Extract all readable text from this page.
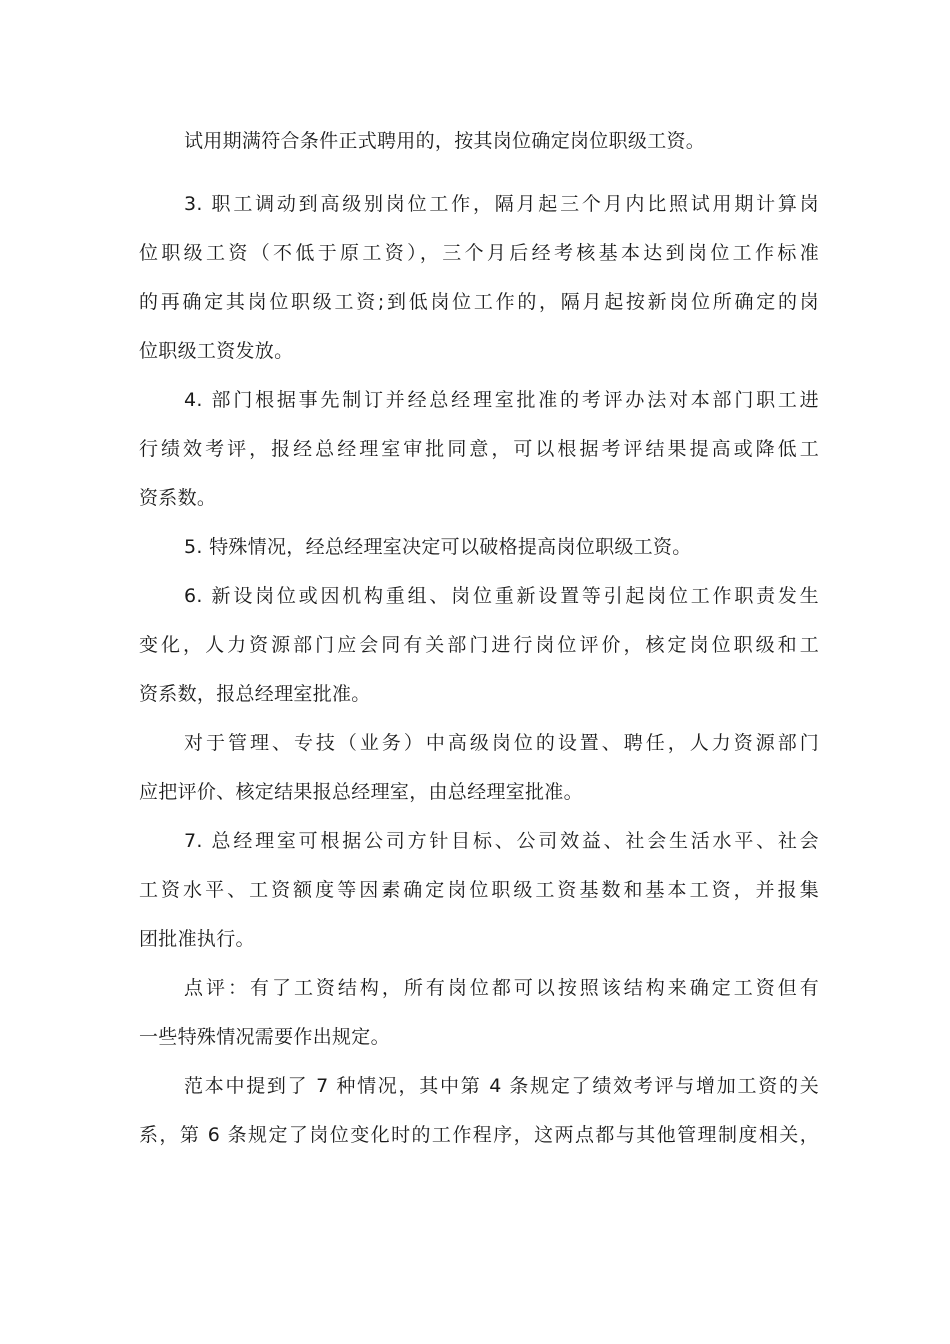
试用期满符合条件正式聘用的，按其岗位确定岗位职级工资。
3. 职工调动到高级别岗位工作，隔月起三个月内比照试用期计算岗
位职级工资（不低于原工资），三个月后经考核基本达到岗位工作标准
的再确定其岗位职级工资;到低岗位工作的，隔月起按新岗位所确定的岗
位职级工资发放。
4. 部门根据事先制订并经总经理室批准的考评办法对本部门职工进
行绩效考评，报经总经理室审批同意，可以根据考评结果提高或降低工
资系数。
5. 特殊情况，经总经理室决定可以破格提高岗位职级工资。
6. 新设岗位或因机构重组、岗位重新设置等引起岗位工作职责发生
变化，人力资源部门应会同有关部门进行岗位评价，核定岗位职级和工
资系数，报总经理室批准。
对于管理、专技（业务）中高级岗位的设置、聘任，人力资源部门
应把评价、核定结果报总经理室，由总经理室批准。
7. 总经理室可根据公司方针目标、公司效益、社会生活水平、社会
工资水平、工资额度等因素确定岗位职级工资基数和基本工资，并报集
团批准执行。
点评：有了工资结构，所有岗位都可以按照该结构来确定工资但有
一些特殊情况需要作出规定。
范本中提到了 7 种情况，其中第 4 条规定了绩效考评与增加工资的关
系，第 6 条规定了岗位变化时的工作程序，这两点都与其他管理制度相关，
